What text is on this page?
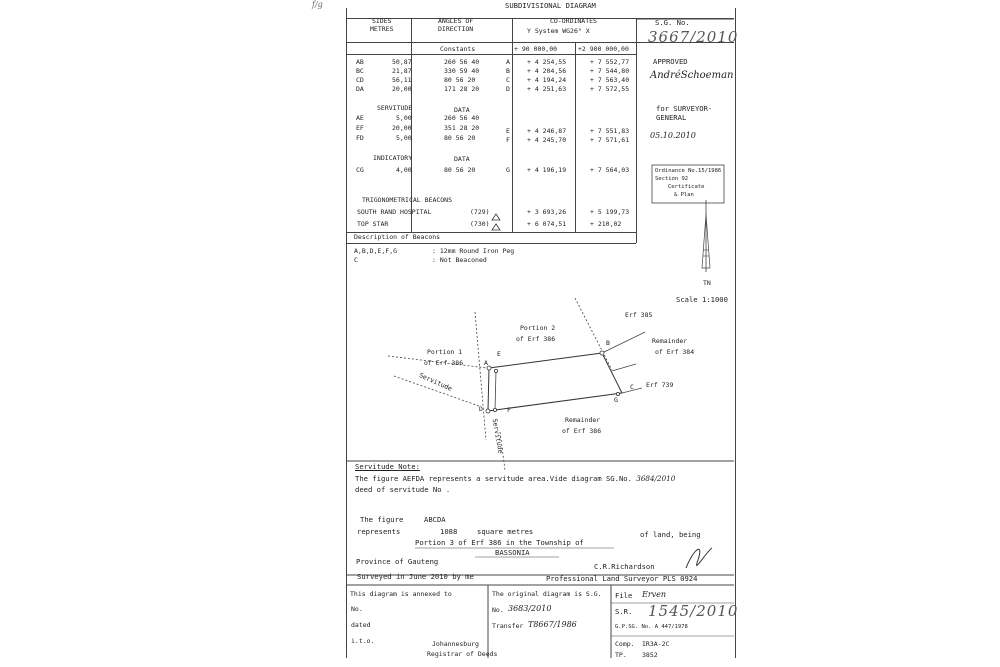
SUBDIVISIONAL DIAGRAM
f/g
SIDES
METRES
ANGLES OF
DIRECTION
CO-ORDINATES
Y System WG26° X
Constants	+ 90 000,00	+2 900 000,00
AB	50,87	260 56 40	A	+ 4 254,55	+ 7 552,77
BC	21,87	330 59 40	B	+ 4 204,56	+ 7 544,80
CD	56,11	80 56 20	C	+ 4 194,24	+ 7 563,40
DA	20,00	171 28 20	D	+ 4 251,63	+ 7 572,55
SERVITUDE	DATA
AE	5,00	260 56 40
EF	20,00	351 28 20	E	+ 4 246,87	+ 7 551,83
FD	5,00	80 56 20	F	+ 4 245,70	+ 7 571,61
INDICATORY	DATA
CG	4,00	80 56 20	G	+ 4 196,19	+ 7 564,03
TRIGONOMETRICAL BEACONS
SOUTH RAND HOSPITAL	(729)	+ 3 693,26	+ 5 199,73
TOP STAR	(730)	+ 6 074,51	+ 210,02
Description of Beacons
A,B,D,E,F,G	: 12mm Round Iron Peg
C	: Not Beaconed
S.G. No.
3667/2010
APPROVED
AndréSchoeman
for SURVEYOR-
GENERAL
05.10.2010
Ordinance No.15/1986
Section 92
Certificate
& Plan
TN
Scale 1:1000
Erf 385
Portion 2
of Erf 386	Remainder
of Erf 384
Erf 739
Portion 1
of Erf 386
Remainder
of Erf 386
Servitude
Servitude
A
B
C
D
E
F
G
Servitude Note:
The figure AEFDA represents a servitude area.Vide diagram SG.No. 3684/2010
deed of servitude No .
The figure	ABCDA
represents	1088	square metres	of land, being
Portion 3 of Erf 386 in the Township of
BASSONIA
Province of Gauteng
C.R.Richardson
Surveyed in June 2010 by me	Professional Land Surveyor PLS 0924
This diagram is annexed to
No.
dated
i.t.o.	Johannesburg
Registrar of Deeds
The original diagram is S.G.
No. 3683/2010
Transfer T8667/1986
File Erven
S.R. 1545/2010
G.P.SG. No. A 447/1978
Comp. IR3A-2C
TP. 3852
